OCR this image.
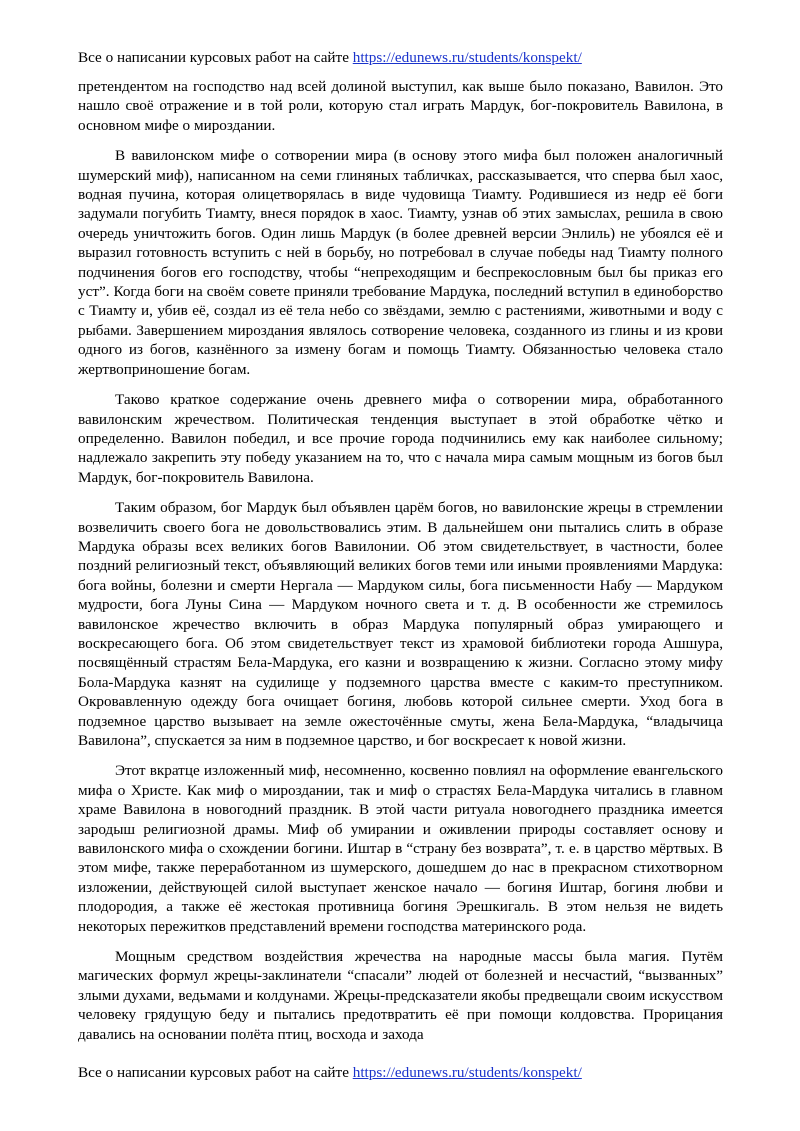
Все о написании курсовых работ на сайте https://edunews.ru/students/konspekt/

претендентом на господство над всей долиной выступил, как выше было показано, Вавилон. Это нашло своё отражение и в той роли, которую стал играть Мардук, бог-покровитель Вавилона, в основном мифе о мироздании.

В вавилонском мифе о сотворении мира (в основу этого мифа был положен аналогичный шумерский миф), написанном на семи глиняных табличках, рассказывается, что сперва был хаос, водная пучина, которая олицетворялась в виде чудовища Тиамту. Родившиеся из недр её боги задумали погубить Тиамту, внеся порядок в хаос. Тиамту, узнав об этих замыслах, решила в свою очередь уничтожить богов. Один лишь Мардук (в более древней версии Энлиль) не убоялся её и выразил готовность вступить с ней в борьбу, но потребовал в случае победы над Тиамту полного подчинения богов его господству, чтобы “непреходящим и беспрекословным был бы приказ его уст”. Когда боги на своём совете приняли требование Мардука, последний вступил в единоборство с Тиамту и, убив её, создал из её тела небо со звёздами, землю с растениями, животными и воду с рыбами. Завершением мироздания являлось сотворение человека, созданного из глины и из крови одного из богов, казнённого за измену богам и помощь Тиамту. Обязанностью человека стало жертвоприношение богам.

Таково краткое содержание очень древнего мифа о сотворении мира, обработанного вавилонским жречеством. Политическая тенденция выступает в этой обработке чётко и определенно. Вавилон победил, и все прочие города подчинились ему как наиболее сильному; надлежало закрепить эту победу указанием на то, что с начала мира самым мощным из богов был Мардук, бог-покровитель Вавилона.

Таким образом, бог Мардук был объявлен царём богов, но вавилонские жрецы в стремлении возвеличить своего бога не довольствовались этим. В дальнейшем они пытались слить в образе Мардука образы всех великих богов Вавилонии. Об этом свидетельствует, в частности, более поздний религиозный текст, объявляющий великих богов теми или иными проявлениями Мардука: бога войны, болезни и смерти Нергала — Мардуком силы, бога письменности Набу — Мардуком мудрости, бога Луны Сина — Мардуком ночного света и т. д. В особенности же стремилось вавилонское жречество включить в образ Мардука популярный образ умирающего и воскресающего бога. Об этом свидетельствует текст из храмовой библиотеки города Ашшура, посвящённый страстям Бела-Мардука, его казни и возвращению к жизни. Согласно этому мифу Бола-Мардука казнят на судилище у подземного царства вместе с каким-то преступником. Окровавленную одежду бога очищает богиня, любовь которой сильнее смерти. Уход бога в подземное царство вызывает на земле ожесточённые смуты, жена Бела-Мардука, “владычица Вавилона”, спускается за ним в подземное царство, и бог воскресает к новой жизни.

Этот вкратце изложенный миф, несомненно, косвенно повлиял на оформление евангельского мифа о Христе. Как миф о мироздании, так и миф о страстях Бела-Мардука читались в главном храме Вавилона в новогодний праздник. В этой части ритуала новогоднего праздника имеется зародыш религиозной драмы. Миф об умирании и оживлении природы составляет основу и вавилонского мифа о схождении богини. Иштар в “страну без возврата”, т. е. в царство мёртвых. В этом мифе, также переработанном из шумерского, дошедшем до нас в прекрасном стихотворном изложении, действующей силой выступает женское начало — богиня Иштар, богиня любви и плодородия, а также её жестокая противница богиня Эрешкигаль. В этом нельзя не видеть некоторых пережитков представлений времени господства материнского рода.

Мощным средством воздействия жречества на народные массы была магия. Путём магических формул жрецы-заклинатели “спасали” людей от болезней и несчастий, “вызванных” злыми духами, ведьмами и колдунами. Жрецы-предсказатели якобы предвещали своим искусством человеку грядущую беду и пытались предотвратить её при помощи колдовства. Прорицания давались на основании полёта птиц, восхода и захода

Все о написании курсовых работ на сайте https://edunews.ru/students/konspekt/
